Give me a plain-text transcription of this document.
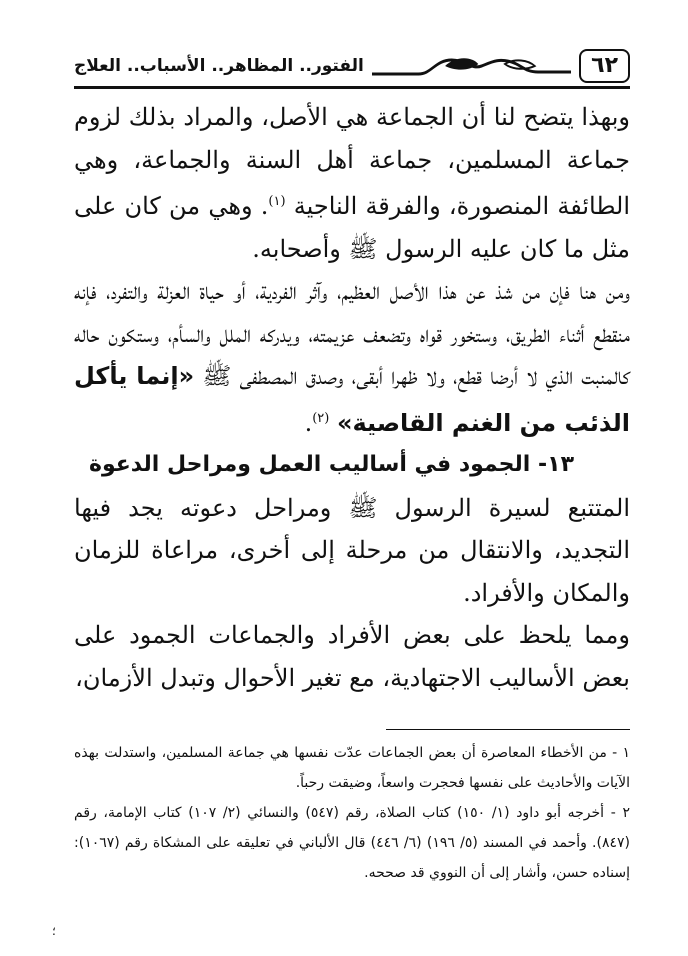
٦٢
الفتور.. المظاهر.. الأسباب.. العلاج

وبهذا يتضح لنا أن الجماعة هي الأصل، والمراد بذلك لزوم جماعة المسلمين، جماعة أهل السنة والجماعة، وهي الطائفة المنصورة، والفرقة الناجية $^{(١)}$. وهي من كان على مثل ما كان عليه الرسول ﷺ وأصحابه.

ومن هنا فإن من شذ عن هذا الأصل العظيم، وآثر الفردية، أو حياة العزلة والتفرد، فإنه منقطع أثناء الطريق، وستخور قواه وتضعف عزيمته، ويدركه الملل والسأم، وستكون حاله كالمنبت الذي لا أرضا قطع، ولا ظهرا أبقى، وصدق المصطفى ﷺ «إنما يأكل الذئب من الغنم القاصية» $^{(٢)}$.

١٣- الجمود في أساليب العمل ومراحل الدعوة

المتتبع لسيرة الرسول ﷺ ومراحل دعوته يجد فيها التجديد، والانتقال من مرحلة إلى أخرى، مراعاة للزمان والمكان والأفراد.

ومما يلحظ على بعض الأفراد والجماعات الجمود على بعض الأساليب الاجتهادية، مع تغير الأحوال وتبدل الأزمان،

١ - من الأخطاء المعاصرة أن بعض الجماعات عدّت نفسها هي جماعة المسلمين، واستدلت بهذه الآيات والأحاديث على نفسها فحجرت واسعاً، وضيقت رحباً.

٢ - أخرجه أبو داود (١/ ١٥٠) كتاب الصلاة، رقم (٥٤٧) والنسائي (٢/ ١٠٧) كتاب الإمامة، رقم (٨٤٧). وأحمد في المسند (٥/ ١٩٦) (٦/ ٤٤٦) قال الألباني في تعليقه على المشكاة رقم (١٠٦٧): إسناده حسن، وأشار إلى أن النووي قد صححه.

؛
